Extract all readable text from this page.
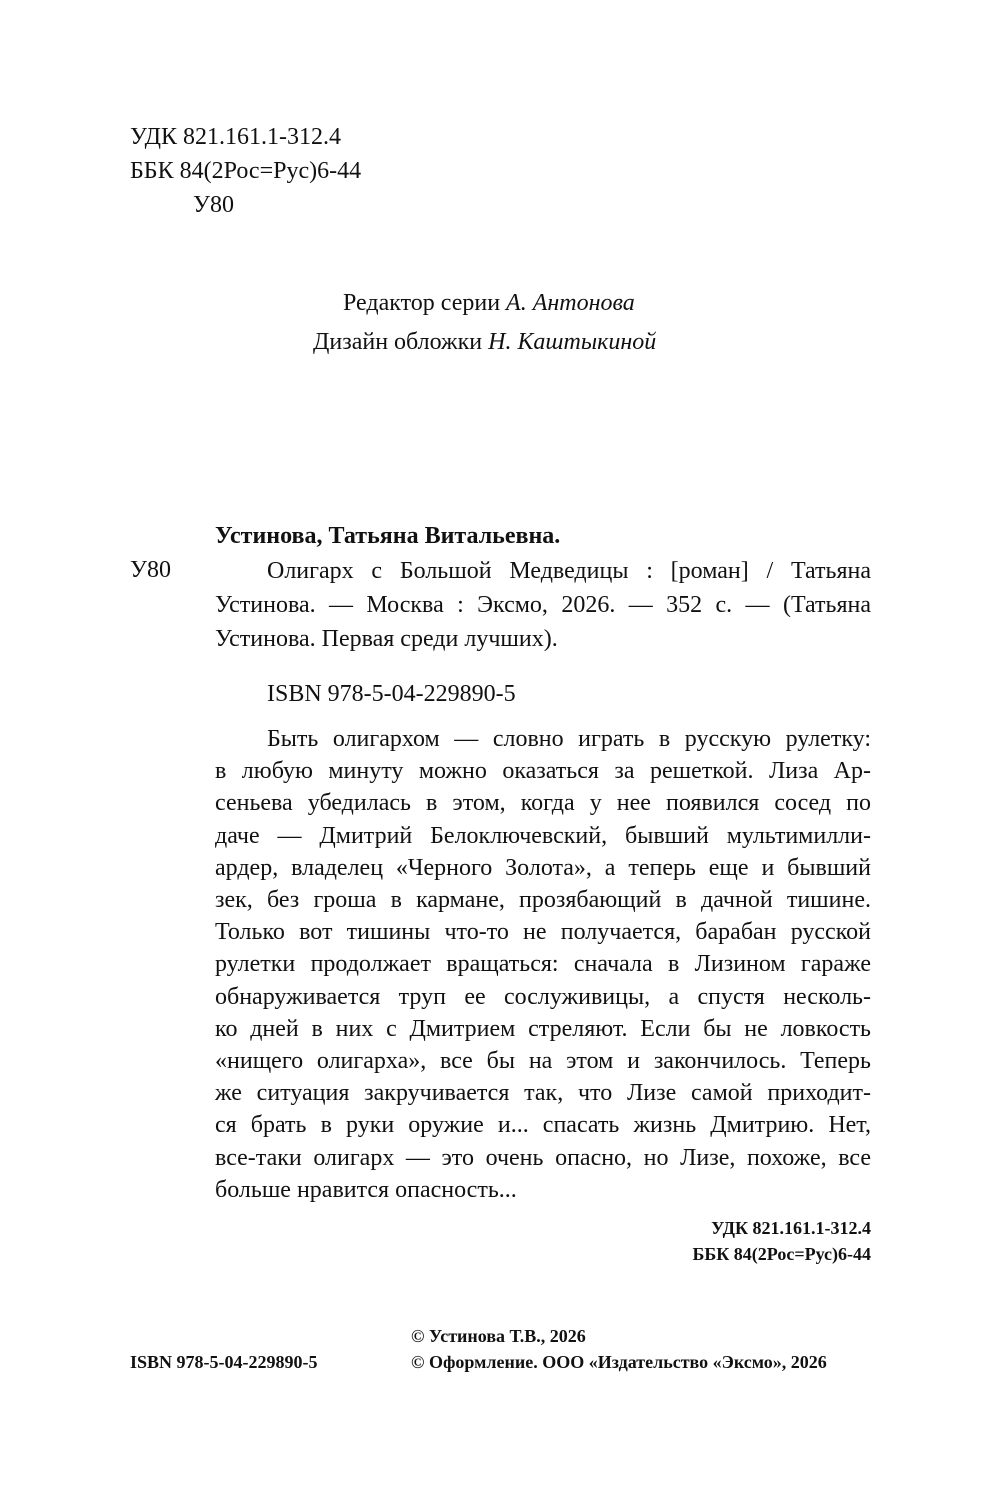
УДК 821.161.1-312.4
ББК 84(2Рос=Рус)6-44
У80
Редактор серии А. Антонова
Дизайн обложки Н. Каштыкиной
Устинова, Татьяна Витальевна.
У80	Олигарх с Большой Медведицы : [роман] / Татьяна
Устинова. — Москва : Эксмо, 2026. — 352 с. — (Татьяна
Устинова. Первая среди лучших).
ISBN 978-5-04-229890-5
Быть олигархом — словно играть в русскую рулетку:
в любую минуту можно оказаться за решеткой. Лиза Ар-
сеньева убедилась в этом, когда у нее появился сосед по
даче — Дмитрий Белоключевский, бывший мультимилли-
ардер, владелец «Черного Золота», а теперь еще и бывший
зек, без гроша в кармане, прозябающий в дачной тишине.
Только вот тишины что-то не получается, барабан русской
рулетки продолжает вращаться: сначала в Лизином гараже
обнаруживается труп ее сослуживицы, а спустя несколь-
ко дней в них с Дмитрием стреляют. Если бы не ловкость
«нищего олигарха», все бы на этом и закончилось. Теперь
же ситуация закручивается так, что Лизе самой приходит-
ся брать в руки оружие и... спасать жизнь Дмитрию. Нет,
все-таки олигарх — это очень опасно, но Лизе, похоже, все
больше нравится опасность...
УДК 821.161.1-312.4
ББК 84(2Рос=Рус)6-44
© Устинова Т.В., 2026
ISBN 978-5-04-229890-5	© Оформление. ООО «Издательство «Эксмо», 2026
